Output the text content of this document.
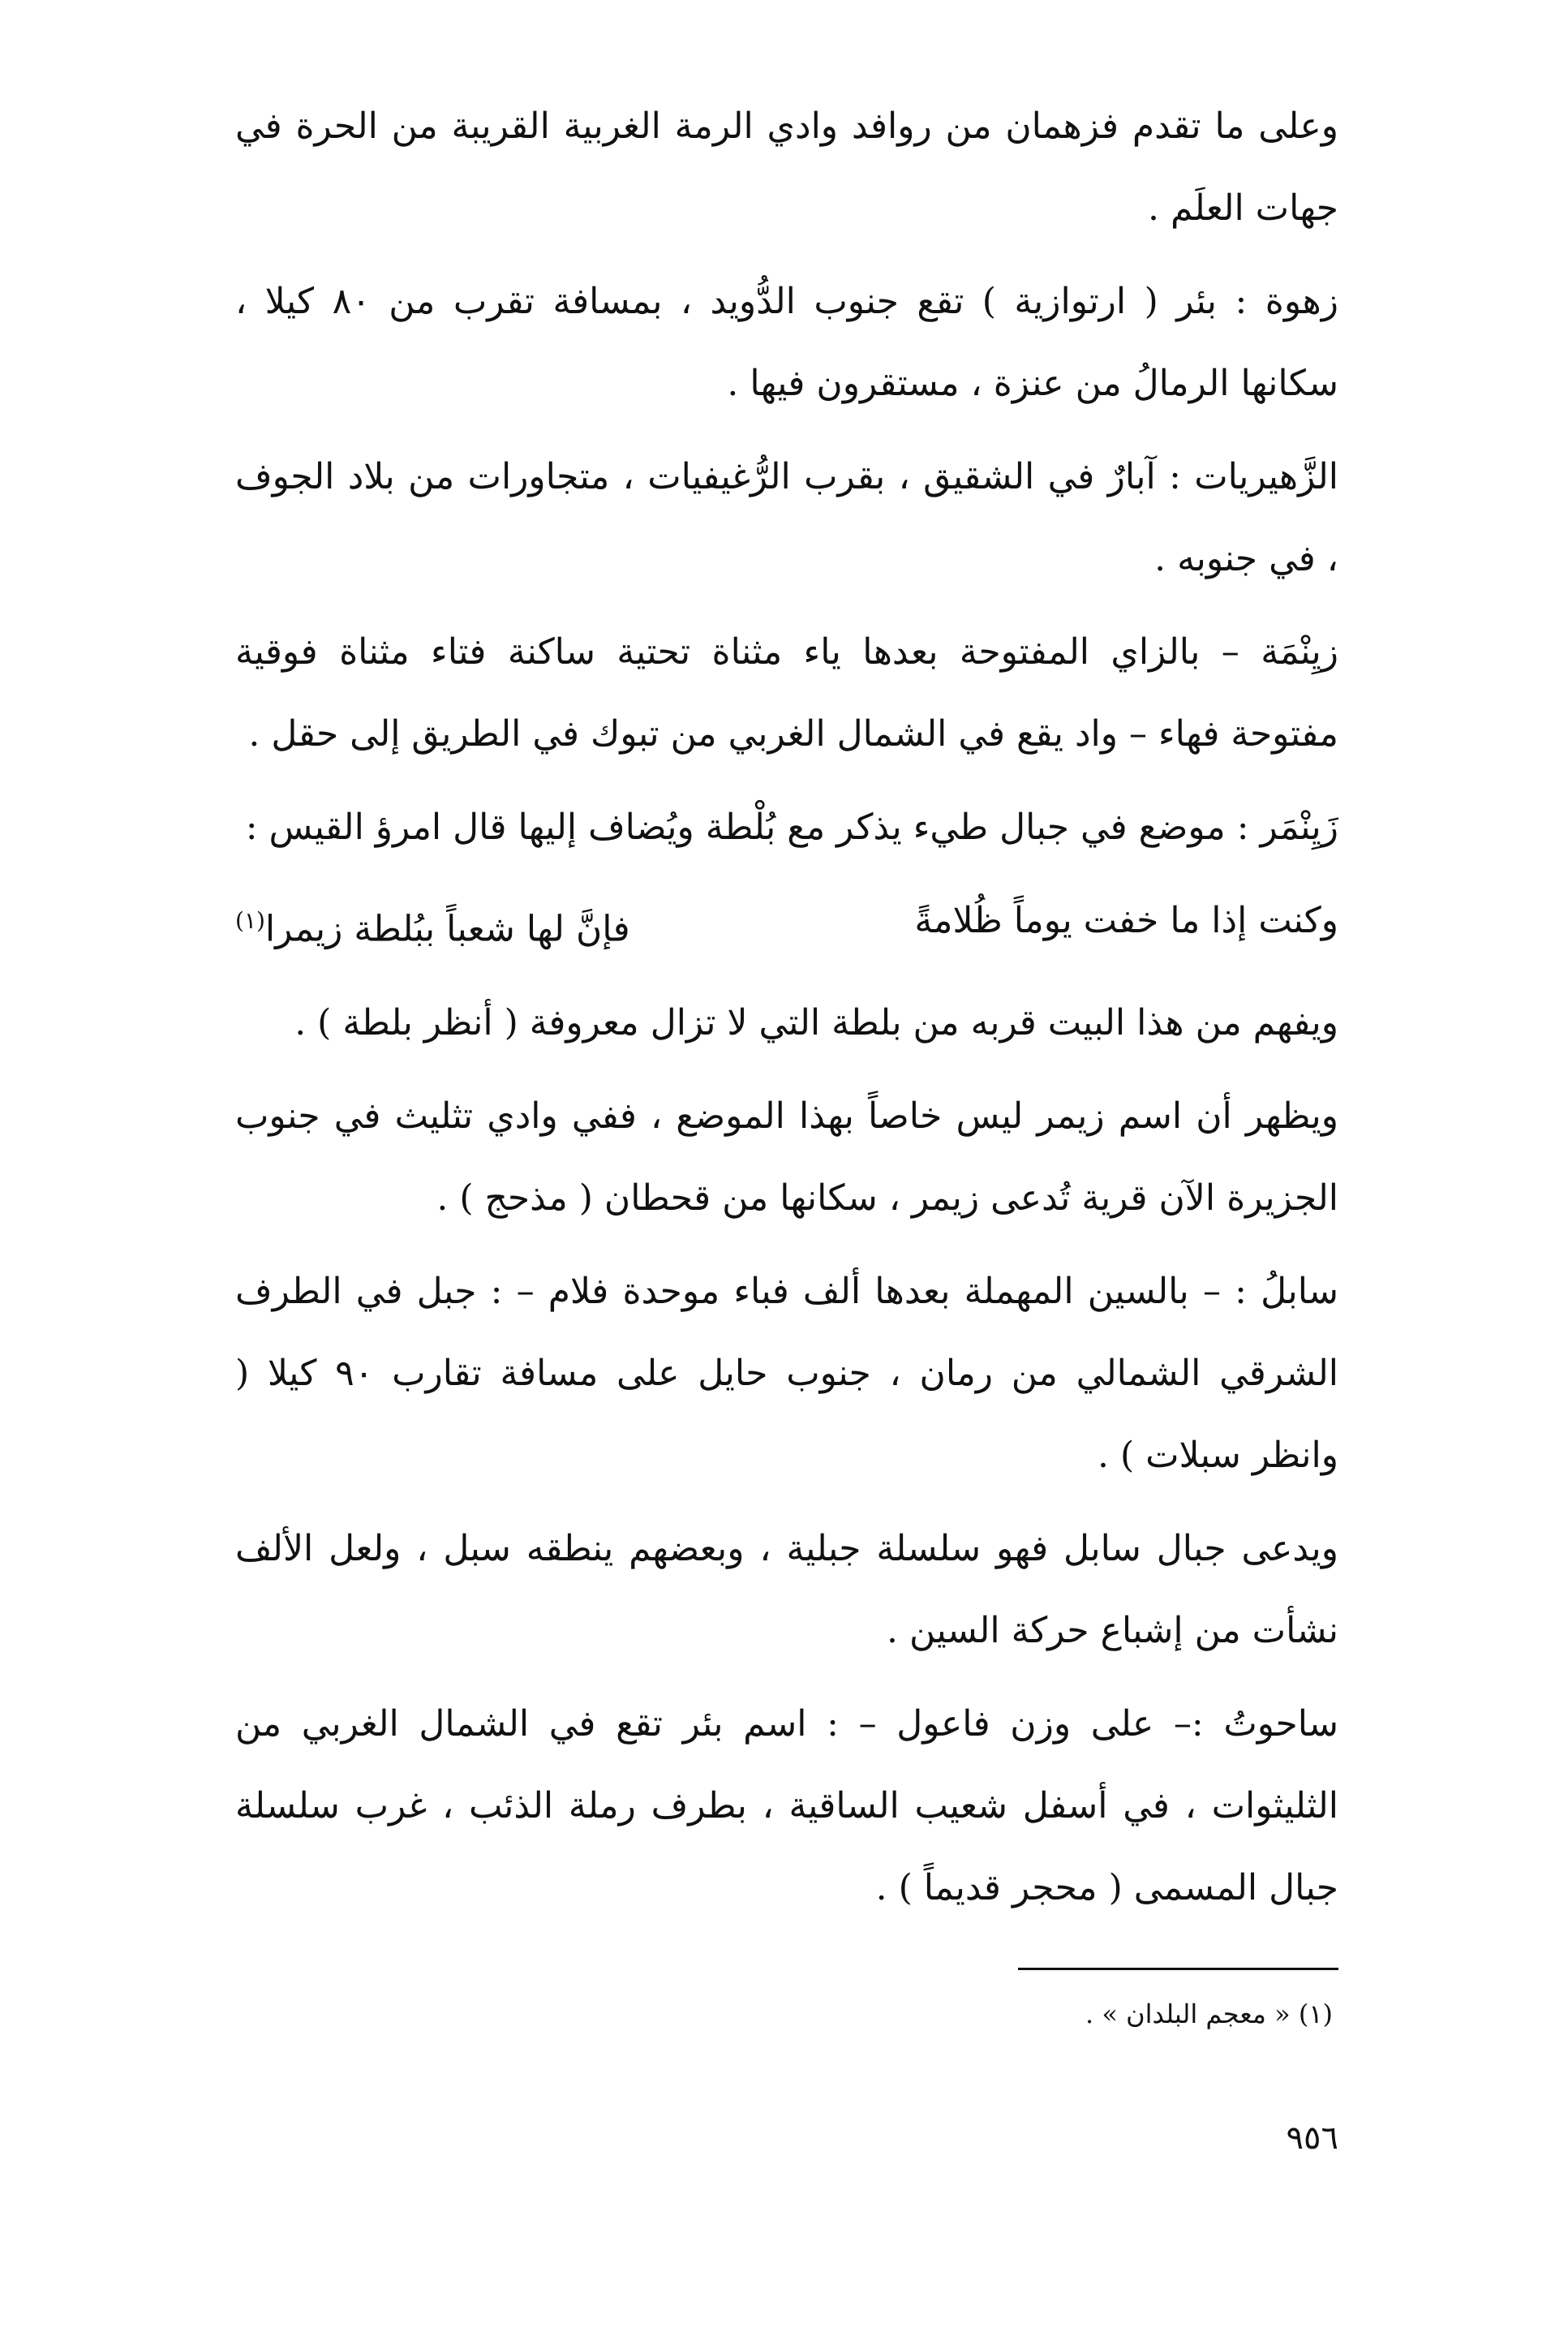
وعلى ما تقدم فزهمان من روافد وادي الرمة الغربية القريبة من الحرة في جهات العلَم .

زهوة : بئر ( ارتوازية ) تقع جنوب الدُّويد ، بمسافة تقرب من ٨٠ كيلا ، سكانها الرمالُ من عنزة ، مستقرون فيها .

الزَّهيريات : آبارٌ في الشقيق ، بقرب الرُّغيفيات ، متجاورات من بلاد الجوف ، في جنوبه .

زيِنْمَة – بالزاي المفتوحة بعدها ياء مثناة تحتية ساكنة فتاء مثناة فوقية مفتوحة فهاء – واد يقع في الشمال الغربي من تبوك في الطريق إلى حقل .

زَيِنْمَر : موضع في جبال طيء يذكر مع بُلْطة ويُضاف إليها قال امرؤ القيس :

وكنت إذا ما خفت يوماً ظُلامةً
فإنَّ لها شعباً ببُلطة زيمرا$^{(١)}$

ويفهم من هذا البيت قربه من بلطة التي لا تزال معروفة ( أنظر بلطة ) .

ويظهر أن اسم زيمر ليس خاصاً بهذا الموضع ، ففي وادي تثليث في جنوب الجزيرة الآن قرية تُدعى زيمر ، سكانها من قحطان ( مذحج ) .

سابلُ : – بالسين المهملة بعدها ألف فباء موحدة فلام – : جبل في الطرف الشرقي الشمالي من رمان ، جنوب حايل على مسافة تقارب ٩٠ كيلا ( وانظر سبلات ) .

ويدعى جبال سابل فهو سلسلة جبلية ، وبعضهم ينطقه سبل ، ولعل الألف نشأت من إشباع حركة السين .

ساحوتُ :– على وزن فاعول – : اسم بئر تقع في الشمال الغربي من الثليثوات ، في أسفل شعيب الساقية ، بطرف رملة الذئب ، غرب سلسلة جبال المسمى ( محجر قديماً ) .

(١) « معجم البلدان » .
٩٥٦
